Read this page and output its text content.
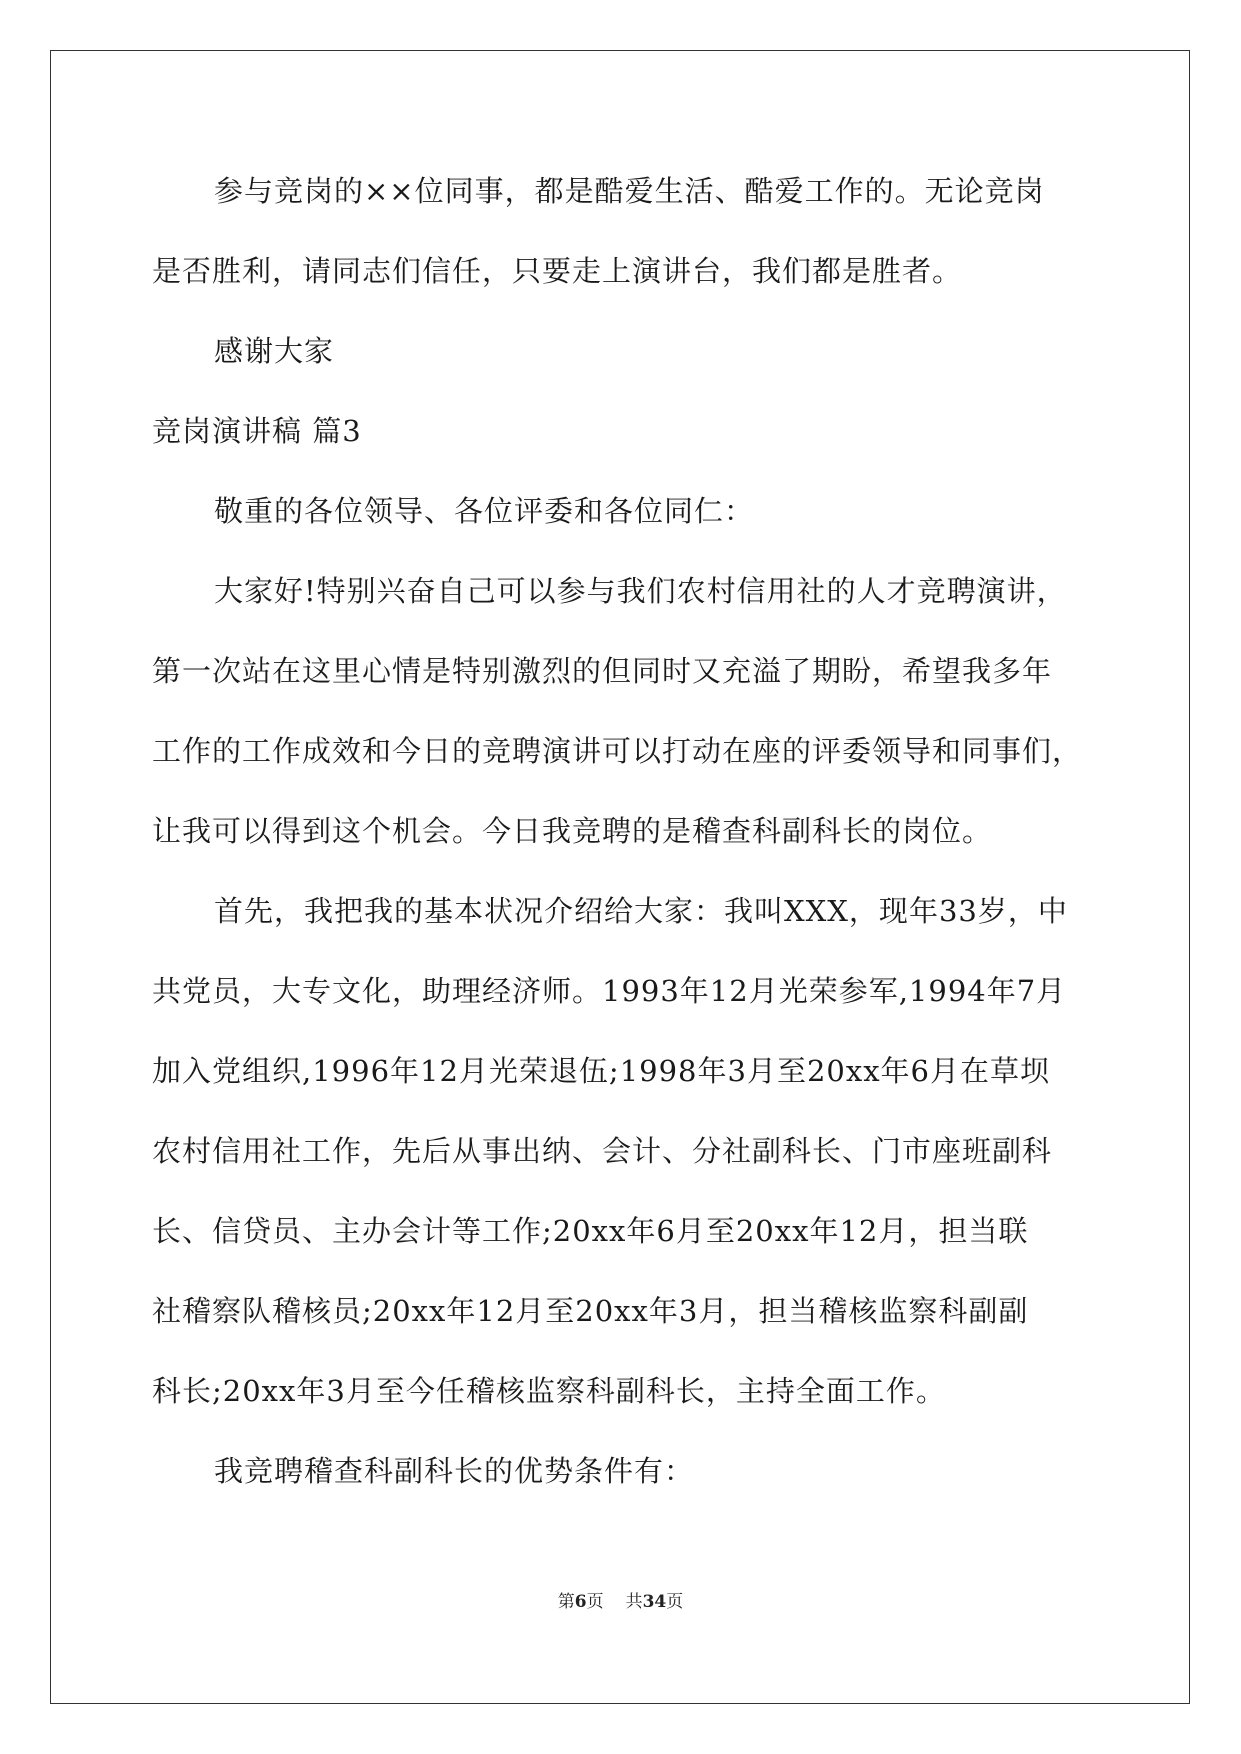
参与竞岗的××位同事，都是酷爱生活、酷爱工作的。无论竞岗

是否胜利，请同志们信任，只要走上演讲台，我们都是胜者。

感谢大家

竞岗演讲稿 篇3

敬重的各位领导、各位评委和各位同仁：

大家好!特别兴奋自己可以参与我们农村信用社的人才竞聘演讲，

第一次站在这里心情是特别激烈的但同时又充溢了期盼，希望我多年

工作的工作成效和今日的竞聘演讲可以打动在座的评委领导和同事们，

让我可以得到这个机会。今日我竞聘的是稽查科副科长的岗位。

首先，我把我的基本状况介绍给大家：我叫XXX，现年33岁，中

共党员，大专文化，助理经济师。1993年12月光荣参军,1994年7月

加入党组织,1996年12月光荣退伍;1998年3月至20xx年6月在草坝

农村信用社工作，先后从事出纳、会计、分社副科长、门市座班副科

长、信贷员、主办会计等工作;20xx年6月至20xx年12月，担当联

社稽察队稽核员;20xx年12月至20xx年3月，担当稽核监察科副副

科长;20xx年3月至今任稽核监察科副科长，主持全面工作。

我竞聘稽查科副科长的优势条件有：

第6页 共34页
